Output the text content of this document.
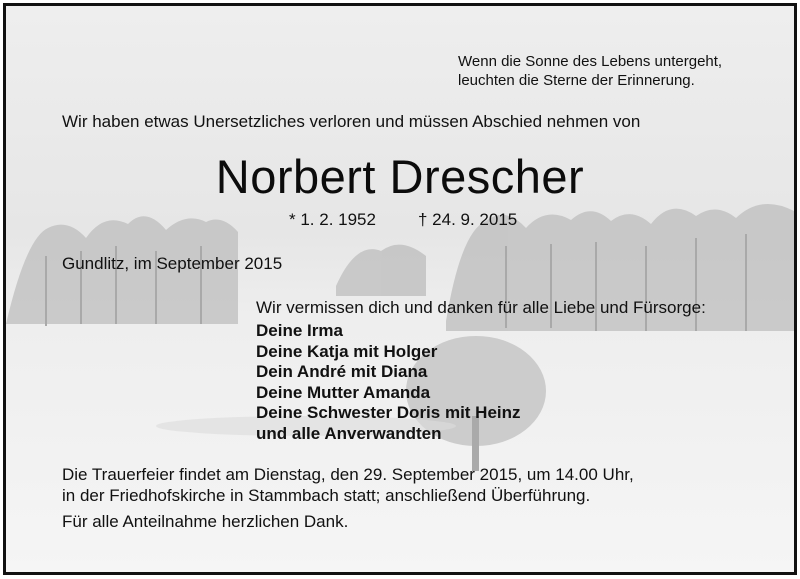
Wenn die Sonne des Lebens untergeht,
leuchten die Sterne der Erinnerung.
Wir haben etwas Unersetzliches verloren und müssen Abschied nehmen von
Norbert Drescher
* 1. 2. 1952 † 24. 9. 2015
Gundlitz, im September 2015
Wir vermissen dich und danken für alle Liebe und Fürsorge:
Deine Irma
Deine Katja mit Holger
Dein André mit Diana
Deine Mutter Amanda
Deine Schwester Doris mit Heinz
und alle Anverwandten
Die Trauerfeier findet am Dienstag, den 29. September 2015, um 14.00 Uhr,
in der Friedhofskirche in Stammbach statt; anschließend Überführung.
Für alle Anteilnahme herzlichen Dank.
